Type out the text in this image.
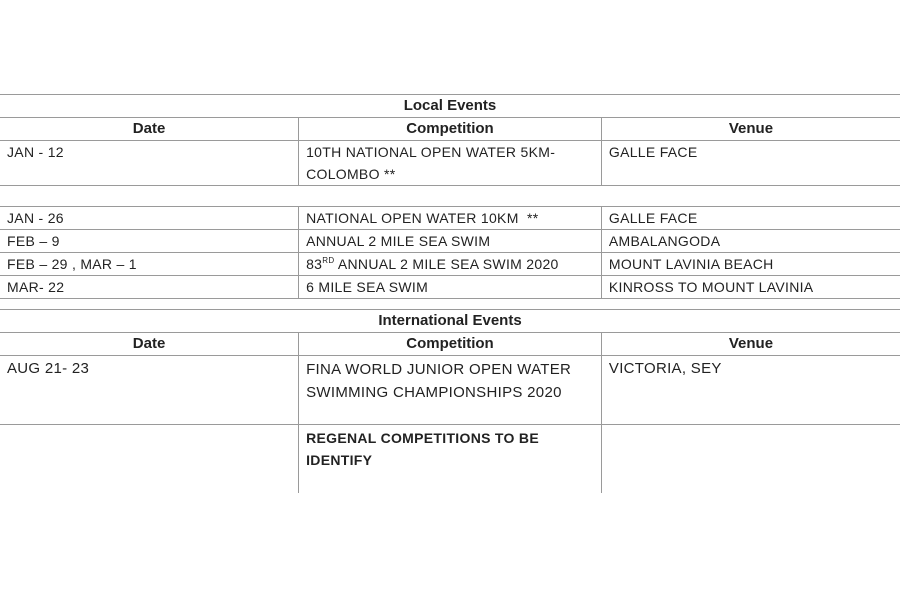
Local Events		
Date	Competition	Venue
JAN - 12	10TH NATIONAL OPEN WATER 5KM-COLOMBO **	GALLE FACE

JAN - 26	NATIONAL OPEN WATER 10KM  **	GALLE FACE
FEB – 9	ANNUAL 2 MILE SEA SWIM	AMBALANGODA
FEB – 29 , MAR – 1	83RD ANNUAL 2 MILE SEA SWIM 2020	MOUNT LAVINIA BEACH
MAR- 22	6 MILE SEA SWIM	KINROSS TO MOUNT LAVINIA

International Events		
Date	Competition	Venue
AUG 21- 23	FINA WORLD JUNIOR OPEN WATER SWIMMING CHAMPIONSHIPS 2020	VICTORIA, SEY
	REGENAL COMPETITIONS TO BE IDENTIFY	
